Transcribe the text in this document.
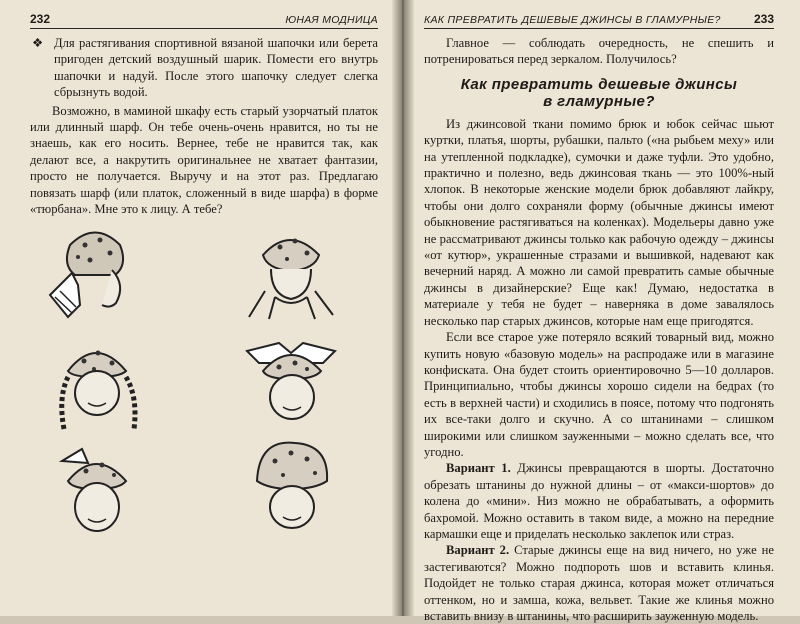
232	ЮНАЯ МОДНИЦА

❖ Для растягивания спортивной вязаной шапочки или берета пригоден детский воздушный шарик. Помести его внутрь шапочки и надуй. После этого шапочку следует слегка сбрызнуть водой.

Возможно, в маминой шкафу есть старый узорчатый платок или длинный шарф. Он тебе очень-очень нравится, но ты не знаешь, как его носить. Вернее, тебе не нравится так, как делают все, а накрутить оригинальнее не хватает фантазии, просто не получается. Выручу и на этот раз. Предлагаю повязать шарф (или платок, сложенный в виде шарфа) в форме «тюрбана». Мне это к лицу. А тебе?

КАК ПРЕВРАТИТЬ ДЕШЕВЫЕ ДЖИНСЫ В ГЛАМУРНЫЕ?	233

Главное — соблюдать очередность, не спешить и потренироваться перед зеркалом. Получилось?

Как превратить дешевые джинсы
в гламурные?

Из джинсовой ткани помимо брюк и юбок сейчас шьют куртки, платья, шорты, рубашки, пальто («на рыбьем меху» или на утепленной подкладке), сумочки и даже туфли. Это удобно, практично и полезно, ведь джинсовая ткань — это 100%-ный хлопок. В некоторые женские модели брюк добавляют лайкру, чтобы они долго сохраняли форму (обычные джинсы имеют обыкновение растягиваться на коленках). Модельеры давно уже не рассматривают джинсы только как рабочую одежду – джинсы «от кутюр», украшенные стразами и вышивкой, надевают как вечерний наряд. А можно ли самой превратить самые обычные джинсы в дизайнерские? Еще как! Думаю, недостатка в материале у тебя не будет – наверняка в доме завалялось несколько пар старых джинсов, которые нам еще пригодятся.

Если все старое уже потеряло всякий товарный вид, можно купить новую «базовую модель» на распродаже или в магазине конфиската. Она будет стоить ориентировочно 5—10 долларов. Принципиально, чтобы джинсы хорошо сидели на бедрах (то есть в верхней части) и сходились в поясе, потому что подгонять их все-таки долго и скучно. А со штанинами – слишком широкими или слишком зауженными – можно сделать все, что угодно.

Вариант 1. Джинсы превращаются в шорты. Достаточно обрезать штанины до нужной длины – от «макси-шортов» до колена до «мини». Низ можно не обрабатывать, а оформить бахромой. Можно оставить в таком виде, а можно на передние кармашки еще и приделать несколько заклепок или страз.

Вариант 2. Старые джинсы еще на вид ничего, но уже не застегиваются? Можно подпороть шов и вставить клинья. Подойдет не только старая джинса, которая может отличаться оттенком, но и замша, кожа, вельвет. Такие же клинья можно вставить внизу в штанины, что расширить зауженную модель.
